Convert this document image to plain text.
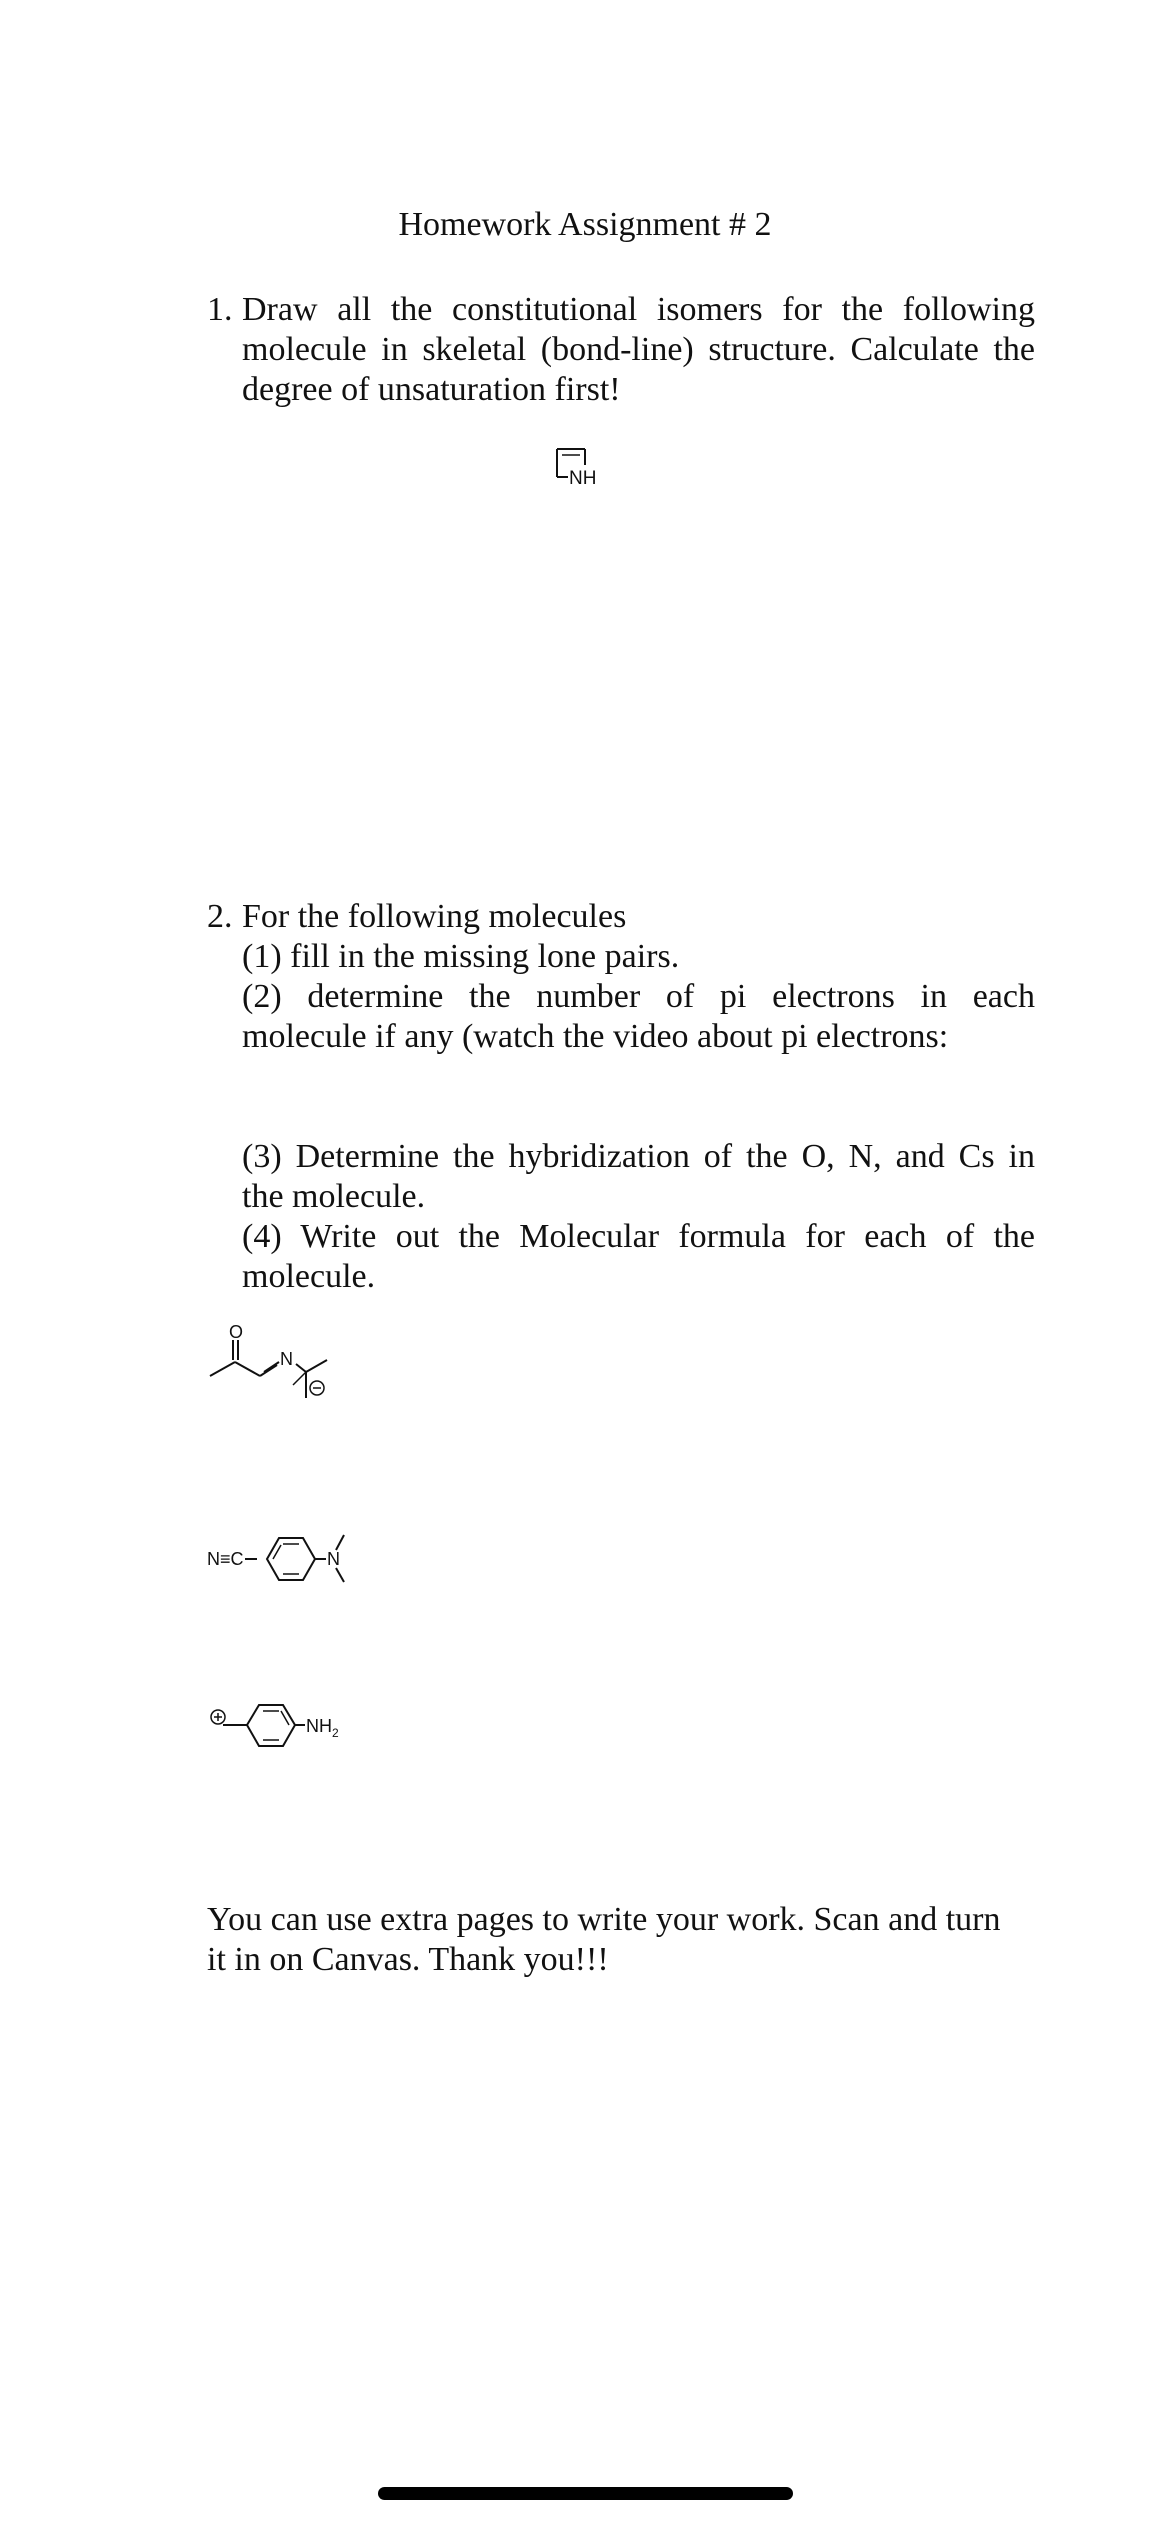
Homework Assignment # 2
1. Draw all the constitutional isomers for the following
molecule in skeletal (bond-line) structure. Calculate the
degree of unsaturation first!
NH
2. For the following molecules
(1) fill in the missing lone pairs.
(2) determine the number of pi electrons in each
molecule if any (watch the video about pi electrons:
(3) Determine the hybridization of the O, N, and Cs in
the molecule.
(4) Write out the Molecular formula for each of the
molecule.
O
N
N≡C	N
$NH_2$
You can use extra pages to write your work. Scan and turn
it in on Canvas. Thank you!!!
